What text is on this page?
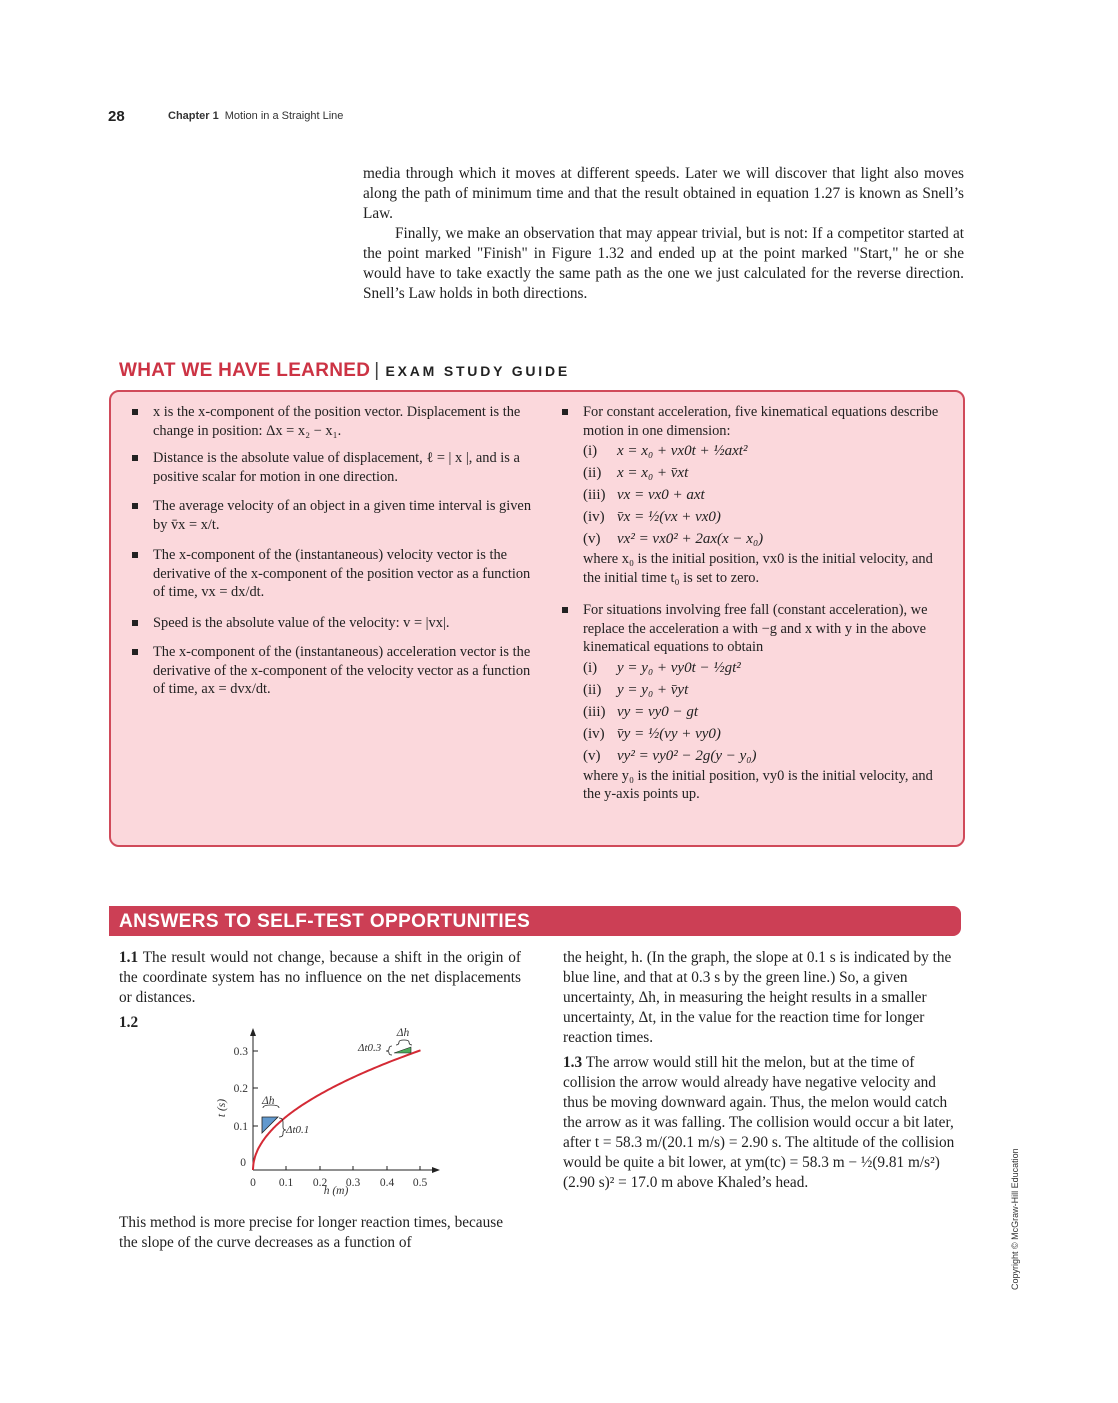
28	Chapter 1 Motion in a Straight Line

media through which it moves at different speeds. Later we will discover that light also moves along the path of minimum time and that the result obtained in equation 1.27 is known as Snell’s Law.

Finally, we make an observation that may appear trivial, but is not: If a competitor started at the point marked "Finish" in Figure 1.32 and ended up at the point marked "Start," he or she would have to take exactly the same path as the one we just calculated for the reverse direction. Snell’s Law holds in both directions.

WHAT WE HAVE LEARNED | EXAM STUDY GUIDE
x is the x-component of the position vector. Displacement is the change in position: Δx = x₂ − x₁.
Distance is the absolute value of displacement, ℓ = | x |, and is a positive scalar for motion in one direction.
The average velocity of an object in a given time interval is given by v̄x = x/t.
The x-component of the (instantaneous) velocity vector is the derivative of the x-component of the position vector as a function of time, vx = dx/dt.
Speed is the absolute value of the velocity: v = |vx|.
The x-component of the (instantaneous) acceleration vector is the derivative of the x-component of the velocity vector as a function of time, ax = dvx/dt.
For constant acceleration, five kinematical equations describe motion in one dimension:
(i) x = x₀ + vx0t + ½axt²
(ii) x = x₀ + v̄xt
(iii) vx = vx0 + axt
(iv) v̄x = ½(vx + vx0)
(v) vx² = vx0² + 2ax(x − x₀)
where x₀ is the initial position, vx0 is the initial velocity, and the initial time t₀ is set to zero.
For situations involving free fall (constant acceleration), we replace the acceleration a with −g and x with y in the above kinematical equations to obtain
(i) y = y₀ + vy0t − ½gt²
(ii) y = y₀ + v̄yt
(iii) vy = vy0 − gt
(iv) v̄y = ½(vy + vy0)
(v) vy² = vy0² − 2g(y − y₀)
where y₀ is the initial position, vy0 is the initial velocity, and the y-axis points up.
ANSWERS TO SELF-TEST OPPORTUNITIES
1.1 The result would not change, because a shift in the origin of the coordinate system has no influence on the net displacements or distances.
1.2
0 0.1 0.2 0.3 0.4 0.5
0
0.1
0.2
0.3
h (m)
t (s)
Δh
Δt0.3
Δh
Δt0.1
This method is more precise for longer reaction times, because the slope of the curve decreases as a function of
the height, h. (In the graph, the slope at 0.1 s is indicated by the blue line, and that at 0.3 s by the green line.) So, a given uncertainty, Δh, in measuring the height results in a smaller uncertainty, Δt, in the value for the reaction time for longer reaction times.
1.3 The arrow would still hit the melon, but at the time of collision the arrow would already have negative velocity and thus be moving downward again. Thus, the melon would catch the arrow as it was falling. The collision would occur a bit later, after t = 58.3 m/(20.1 m/s) = 2.90 s. The altitude of the collision would be quite a bit lower, at ym(tc) = 58.3 m − ½(9.81 m/s²)(2.90 s)² = 17.0 m above Khaled’s head.	Copyright © McGraw-Hill Education
